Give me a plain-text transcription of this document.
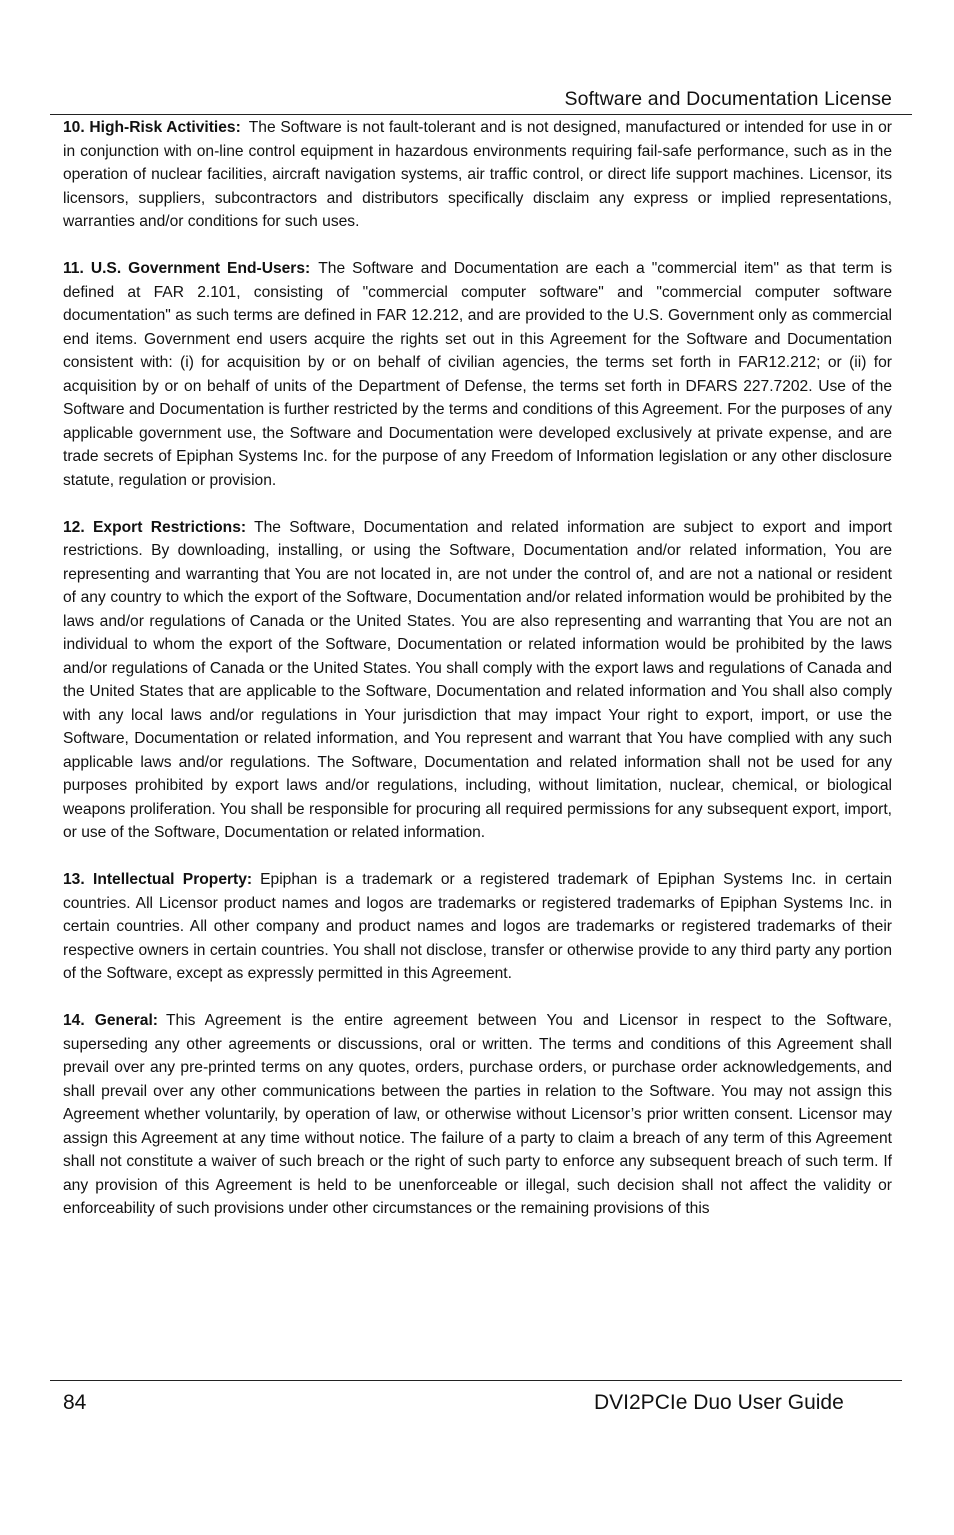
Software and Documentation License

10. High-Risk Activities: The Software is not fault-tolerant and is not designed, manufactured or intended for use in or in conjunction with on-line control equipment in hazardous environments requiring fail-safe performance, such as in the operation of nuclear facilities, aircraft navigation systems, air traffic control, or direct life support machines. Licensor, its licensors, suppliers, subcontractors and distributors specifically disclaim any express or implied representations, warranties and/or conditions for such uses.

11. U.S. Government End-Users: The Software and Documentation are each a "commercial item" as that term is defined at FAR 2.101, consisting of "commercial computer software" and "commercial computer software documentation" as such terms are defined in FAR 12.212, and are provided to the U.S. Government only as commercial end items. Government end users acquire the rights set out in this Agreement for the Software and Documentation consistent with: (i) for acquisition by or on behalf of civilian agencies, the terms set forth in FAR12.212; or (ii) for acquisition by or on behalf of units of the Department of Defense, the terms set forth in DFARS 227.7202. Use of the Software and Documentation is further restricted by the terms and conditions of this Agreement. For the purposes of any applicable government use, the Software and Documentation were developed exclusively at private expense, and are trade secrets of Epiphan Systems Inc. for the purpose of any Freedom of Information legislation or any other disclosure statute, regulation or provision.

12. Export Restrictions: The Software, Documentation and related information are subject to export and import restrictions. By downloading, installing, or using the Software, Documentation and/or related information, You are representing and warranting that You are not located in, are not under the control of, and are not a national or resident of any country to which the export of the Software, Documentation and/or related information would be prohibited by the laws and/or regulations of Canada or the United States. You are also representing and warranting that You are not an individual to whom the export of the Software, Documentation or related information would be prohibited by the laws and/or regulations of Canada or the United States. You shall comply with the export laws and regulations of Canada and the United States that are applicable to the Software, Documentation and related information and You shall also comply with any local laws and/or regulations in Your jurisdiction that may impact Your right to export, import, or use the Software, Documentation or related information, and You represent and warrant that You have complied with any such applicable laws and/or regulations. The Software, Documentation and related information shall not be used for any purposes prohibited by export laws and/or regulations, including, without limitation, nuclear, chemical, or biological weapons proliferation. You shall be responsible for procuring all required permissions for any subsequent export, import, or use of the Software, Documentation or related information.

13. Intellectual Property: Epiphan is a trademark or a registered trademark of Epiphan Systems Inc. in certain countries. All Licensor product names and logos are trademarks or registered trademarks of Epiphan Systems Inc. in certain countries. All other company and product names and logos are trademarks or registered trademarks of their respective owners in certain countries. You shall not disclose, transfer or otherwise provide to any third party any portion of the Software, except as expressly permitted in this Agreement.

14. General: This Agreement is the entire agreement between You and Licensor in respect to the Software, superseding any other agreements or discussions, oral or written. The terms and conditions of this Agreement shall prevail over any pre-printed terms on any quotes, orders, purchase orders, or purchase order acknowledgements, and shall prevail over any other communications between the parties in relation to the Software. You may not assign this Agreement whether voluntarily, by operation of law, or otherwise without Licensor’s prior written consent. Licensor may assign this Agreement at any time without notice. The failure of a party to claim a breach of any term of this Agreement shall not constitute a waiver of such breach or the right of such party to enforce any subsequent breach of such term. If any provision of this Agreement is held to be unenforceable or illegal, such decision shall not affect the validity or enforceability of such provisions under other circumstances or the remaining provisions of this

84	DVI2PCIe Duo User Guide
